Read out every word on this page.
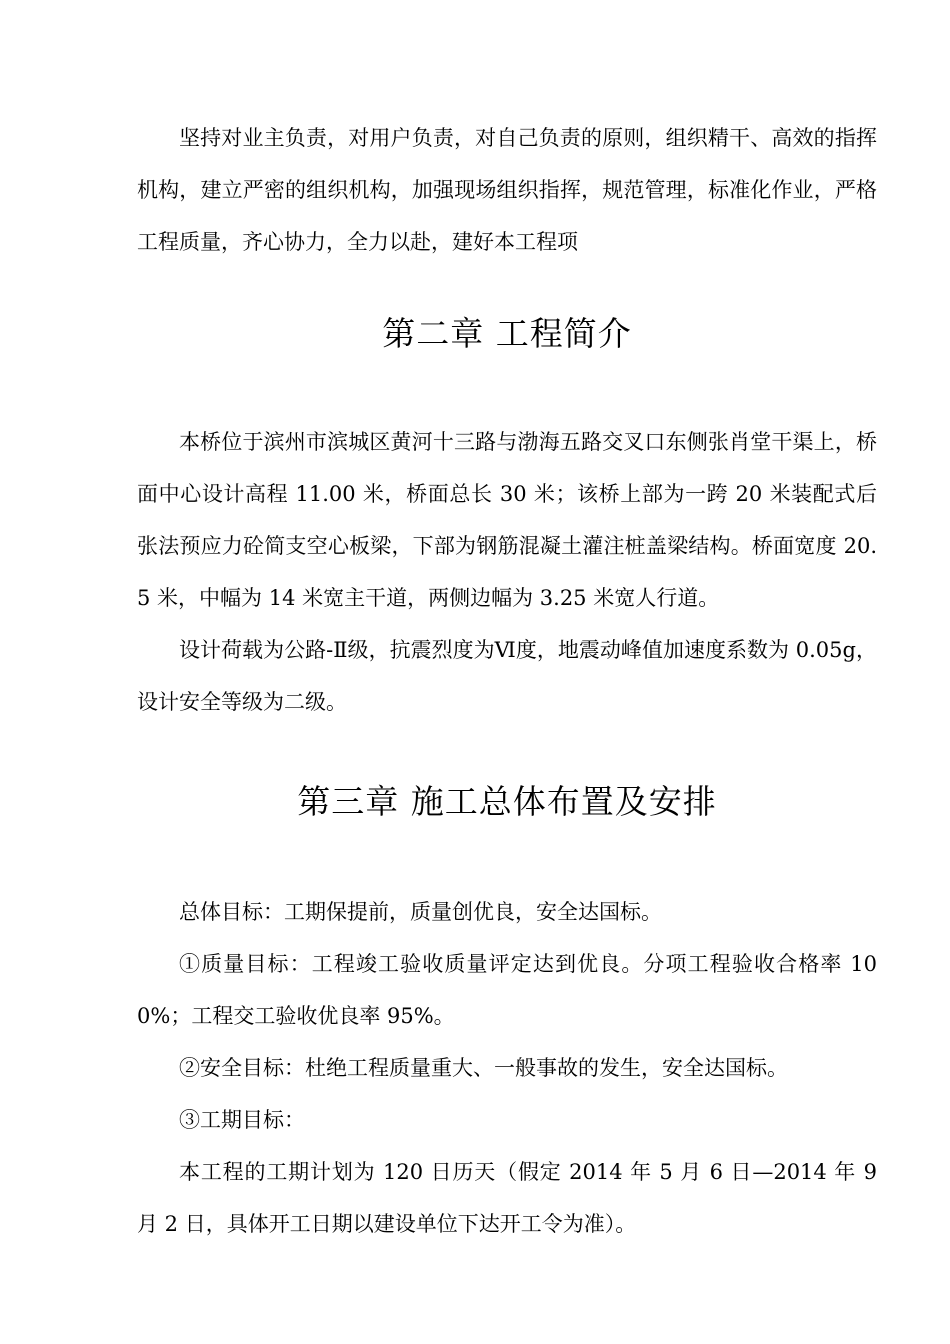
坚持对业主负责，对用户负责，对自己负责的原则，组织精干、高效的指挥机构，建立严密的组织机构，加强现场组织指挥，规范管理，标准化作业，严格工程质量，齐心协力，全力以赴，建好本工程项

第二章 工程简介

本桥位于滨州市滨城区黄河十三路与渤海五路交叉口东侧张肖堂干渠上，桥面中心设计高程 11.00 米，桥面总长 30 米；该桥上部为一跨 20 米装配式后张法预应力砼简支空心板梁，下部为钢筋混凝土灌注桩盖梁结构。桥面宽度 20.5 米，中幅为 14 米宽主干道，两侧边幅为 3.25 米宽人行道。

设计荷载为公路-Ⅱ级，抗震烈度为Ⅵ度，地震动峰值加速度系数为 0.05g，设计安全等级为二级。

第三章 施工总体布置及安排

总体目标：工期保提前，质量创优良，安全达国标。

①质量目标：工程竣工验收质量评定达到优良。分项工程验收合格率 100%；工程交工验收优良率 95%。

②安全目标：杜绝工程质量重大、一般事故的发生，安全达国标。

③工期目标：

本工程的工期计划为 120 日历天（假定 2014 年 5 月 6 日—2014 年 9 月 2 日，具体开工日期以建设单位下达开工令为准）。
